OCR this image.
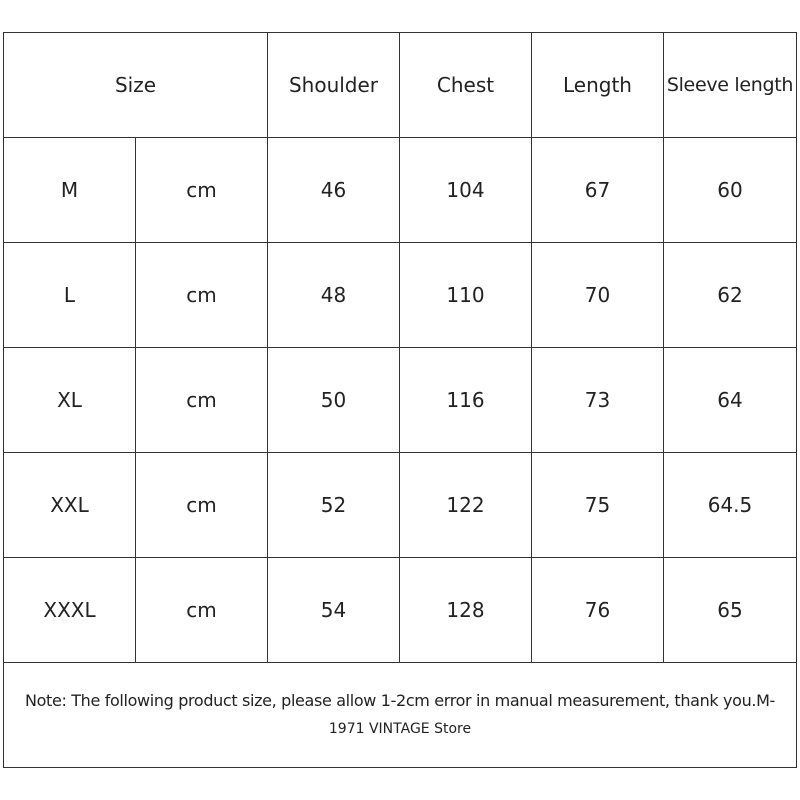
Size		Shoulder	Chest	Length	Sleeve length
M	cm	46	104	67	60
L	cm	48	110	70	62
XL	cm	50	116	73	64
XXL	cm	52	122	75	64.5
XXXL	cm	54	128	76	65

Note: The following product size, please allow 1-2cm error in manual measurement, thank you.M-
1971 VINTAGE Store					
